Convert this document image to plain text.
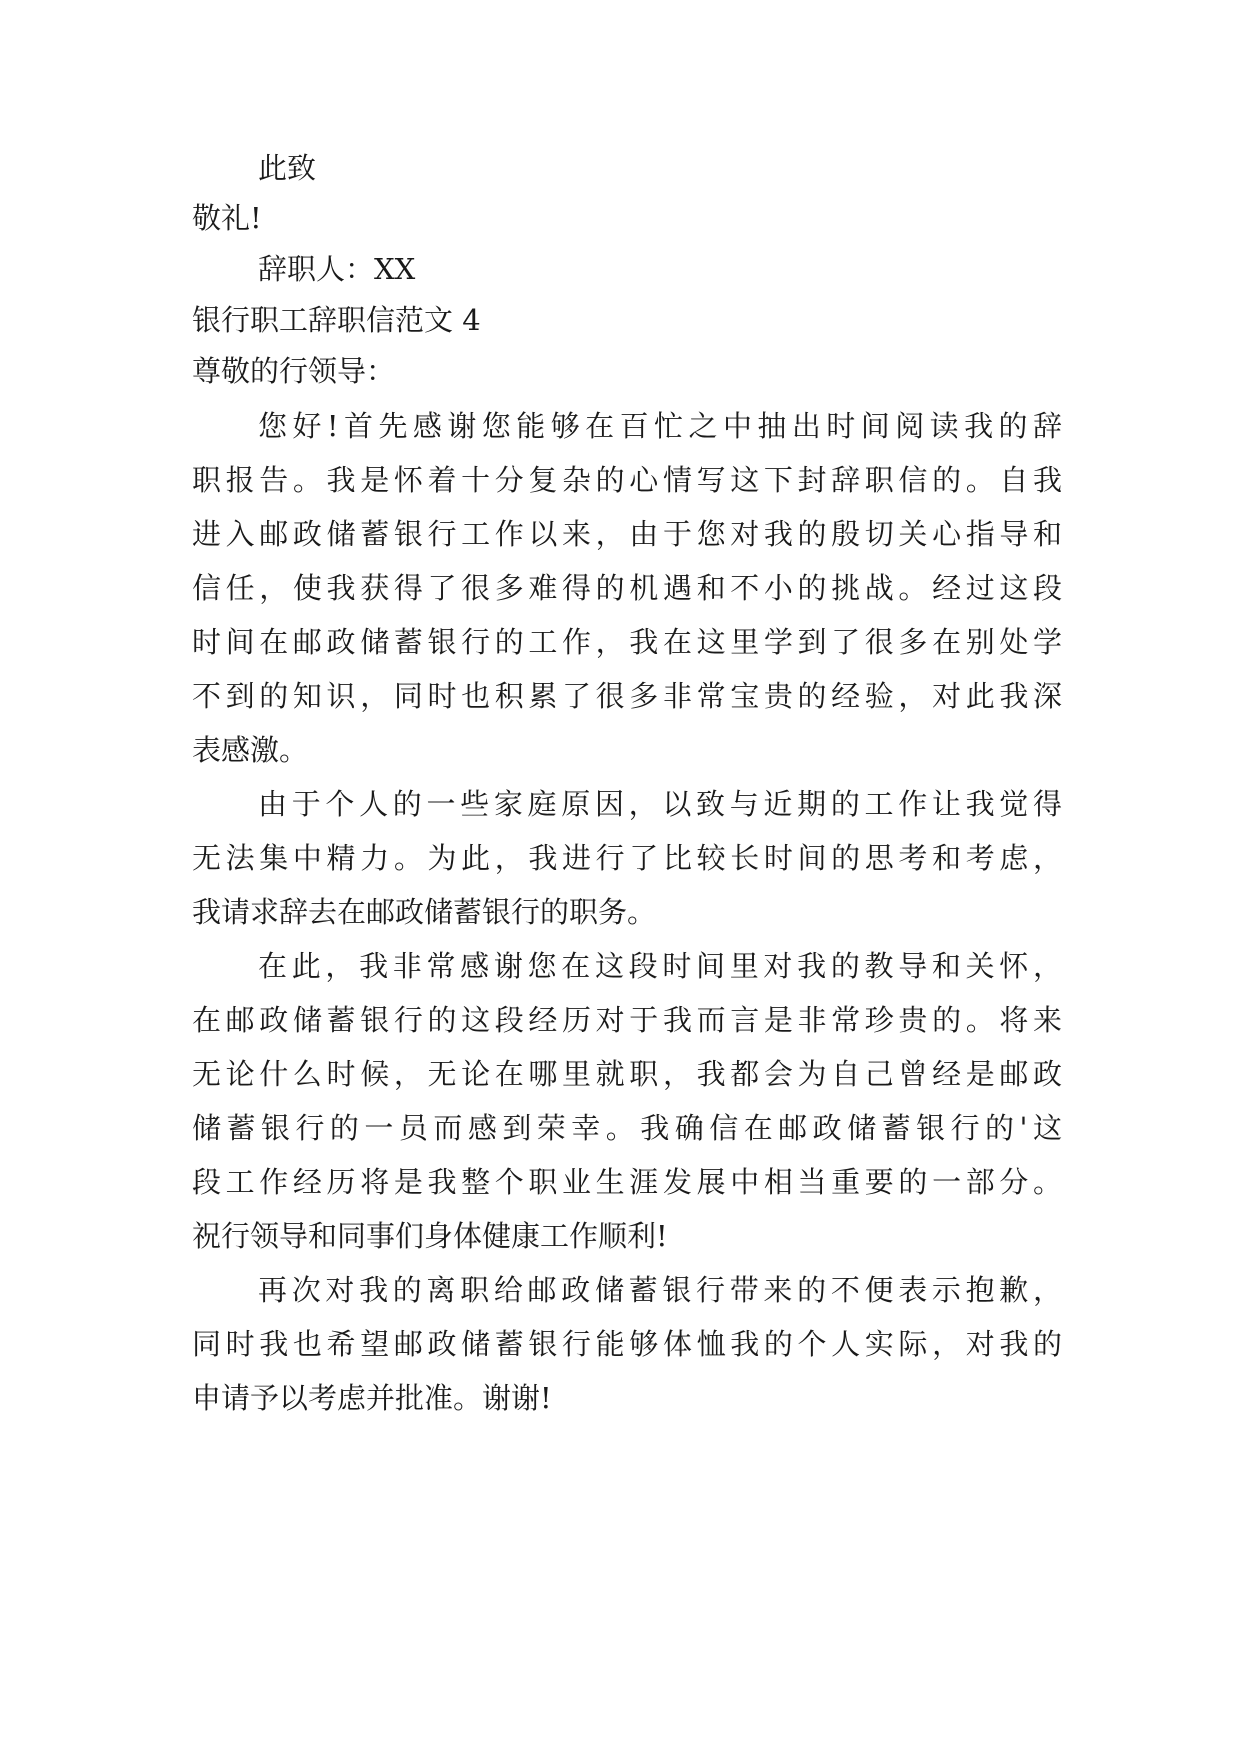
此致
敬礼!
辞职人：XX
银行职工辞职信范文 4
尊敬的行领导：
您好!首先感谢您能够在百忙之中抽出时间阅读我的辞
职报告。我是怀着十分复杂的心情写这下封辞职信的。自我
进入邮政储蓄银行工作以来，由于您对我的殷切关心指导和
信任，使我获得了很多难得的机遇和不小的挑战。经过这段
时间在邮政储蓄银行的工作，我在这里学到了很多在别处学
不到的知识，同时也积累了很多非常宝贵的经验，对此我深
表感激。
由于个人的一些家庭原因，以致与近期的工作让我觉得
无法集中精力。为此，我进行了比较长时间的思考和考虑，
我请求辞去在邮政储蓄银行的职务。
在此，我非常感谢您在这段时间里对我的教导和关怀，
在邮政储蓄银行的这段经历对于我而言是非常珍贵的。将来
无论什么时候，无论在哪里就职，我都会为自己曾经是邮政
储蓄银行的一员而感到荣幸。我确信在邮政储蓄银行的'这
段工作经历将是我整个职业生涯发展中相当重要的一部分。
祝行领导和同事们身体健康工作顺利!
再次对我的离职给邮政储蓄银行带来的不便表示抱歉，
同时我也希望邮政储蓄银行能够体恤我的个人实际，对我的
申请予以考虑并批准。谢谢!
